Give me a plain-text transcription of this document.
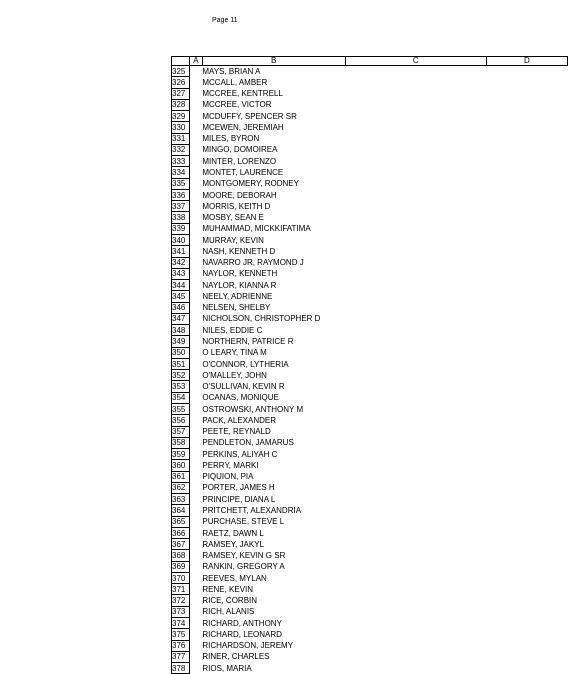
Page 11
	A	B	C	D
325		MAYS, BRIAN A		
326		MCCALL, AMBER		
327		MCCREE, KENTRELL		
328		MCCREE, VICTOR		
329		MCDUFFY, SPENCER SR		
330		MCEWEN, JEREMIAH		
331		MILES, BYRON		
332		MINGO, DOMOIREA		
333		MINTER, LORENZO		
334		MONTET, LAURENCE		
335		MONTGOMERY, RODNEY		
336		MOORE, DEBORAH		
337		MORRIS, KEITH D		
338		MOSBY, SEAN E		
339		MUHAMMAD, MICKKIFATIMA		
340		MURRAY, KEVIN		
341		NASH, KENNETH D		
342		NAVARRO JR, RAYMOND J		
343		NAYLOR, KENNETH		
344		NAYLOR, KIANNA R		
345		NEELY, ADRIENNE		
346		NELSEN, SHELBY		
347		NICHOLSON, CHRISTOPHER D		
348		NILES, EDDIE C		
349		NORTHERN, PATRICE R		
350		O LEARY, TINA M		
351		O'CONNOR, LYTHERIA		
352		O'MALLEY, JOHN		
353		O'SULLIVAN, KEVIN R		
354		OCANAS, MONIQUE		
355		OSTROWSKI, ANTHONY M		
356		PACK, ALEXANDER		
357		PEETE, REYNALD		
358		PENDLETON, JAMARUS		
359		PERKINS, ALIYAH C		
360		PERRY, MARKI		
361		PIQUION, PIA		
362		PORTER, JAMES H		
363		PRINCIPE, DIANA L		
364		PRITCHETT, ALEXANDRIA		
365		PURCHASE, STEVE L		
366		RAETZ, DAWN L		
367		RAMSEY, JAKYL		
368		RAMSEY, KEVIN G SR		
369		RANKIN, GREGORY A		
370		REEVES, MYLAN		
371		RENE, KEVIN		
372		RICE, CORBIN		
373		RICH, ALANIS		
374		RICHARD, ANTHONY		
375		RICHARD, LEONARD		
376		RICHARDSON, JEREMY		
377		RINER, CHARLES		
378		RIOS, MARIA		
